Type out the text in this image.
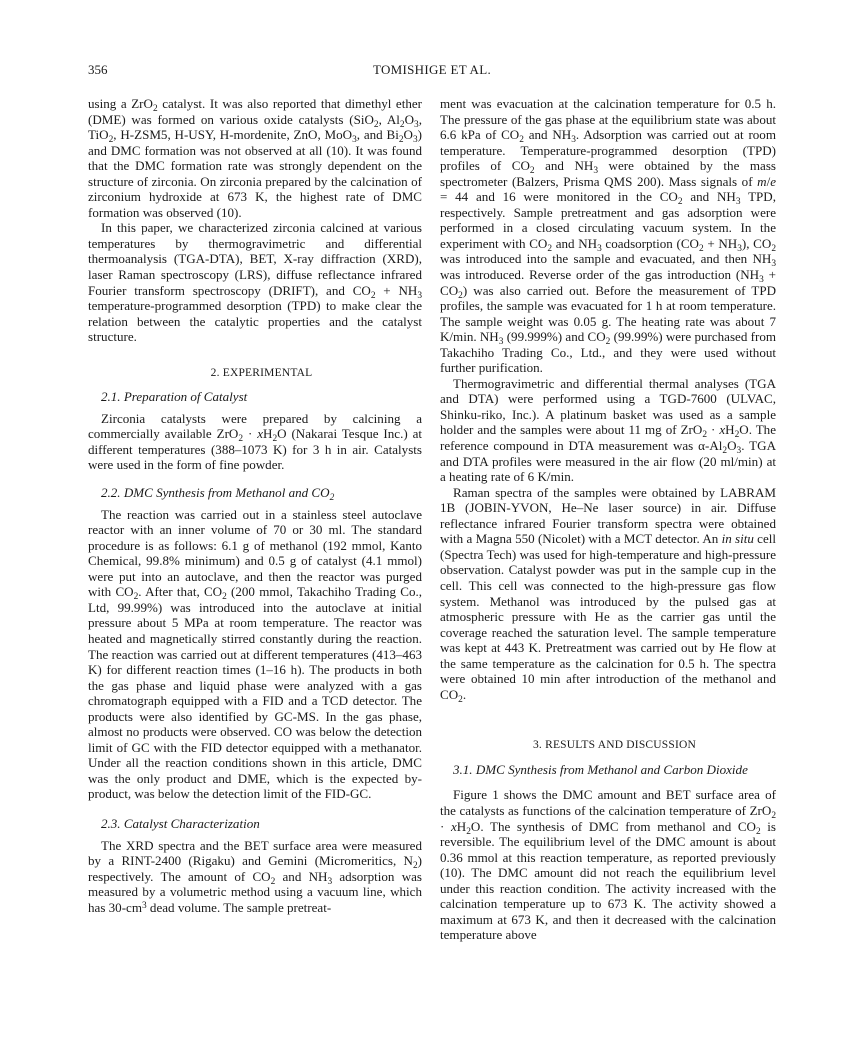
356	TOMISHIGE ET AL.

using a ZrO$_2$ catalyst. It was also reported that dimethyl ether (DME) was formed on various oxide catalysts (SiO$_2$, $Al_2O_3$, TiO$_2$, H-ZSM5, H-USY, H-mordenite, ZnO, MoO$_3$, and $Bi_2O_3$) and DMC formation was not observed at all (10). It was found that the DMC formation rate was strongly dependent on the structure of zirconia. On zirconia prepared by the calcination of zirconium hydroxide at 673 K, the highest rate of DMC formation was observed (10).

In this paper, we characterized zirconia calcined at various temperatures by thermogravimetric and differential thermoanalysis (TGA-DTA), BET, X-ray diffraction (XRD), laser Raman spectroscopy (LRS), diffuse reflectance infrared Fourier transform spectroscopy (DRIFT), and $CO_2 + NH_3$ temperature-programmed desorption (TPD) to make clear the relation between the catalytic properties and the catalyst structure.

2. EXPERIMENTAL

2.1. Preparation of Catalyst

Zirconia catalysts were prepared by calcining a commercially available $ZrO_2 \cdot xH_2O$ (Nakarai Tesque Inc.) at different temperatures (388–1073 K) for 3 h in air. Catalysts were used in the form of fine powder.

2.2. DMC Synthesis from Methanol and $CO_2$

The reaction was carried out in a stainless steel autoclave reactor with an inner volume of 70 or 30 ml. The standard procedure is as follows: 6.1 g of methanol (192 mmol, Kanto Chemical, 99.8% minimum) and 0.5 g of catalyst (4.1 mmol) were put into an autoclave, and then the reactor was purged with $CO_2$. After that, $CO_2$ (200 mmol, Takachiho Trading Co., Ltd, 99.99%) was introduced into the autoclave at initial pressure about 5 MPa at room temperature. The reactor was heated and magnetically stirred constantly during the reaction. The reaction was carried out at different temperatures (413–463 K) for different reaction times (1–16 h). The products in both the gas phase and liquid phase were analyzed with a gas chromatograph equipped with a FID and a TCD detector. The products were also identified by GC-MS. In the gas phase, almost no products were observed. CO was below the detection limit of GC with the FID detector equipped with a methanator. Under all the reaction conditions shown in this article, DMC was the only product and DME, which is the expected by-product, was below the detection limit of the FID-GC.

2.3. Catalyst Characterization

The XRD spectra and the BET surface area were measured by a RINT-2400 (Rigaku) and Gemini (Micromeritics, $N_2$) respectively. The amount of $CO_2$ and $NH_3$ adsorption was measured by a volumetric method using a vacuum line, which has $30-cm^3$ dead volume. The sample pretreat-

ment was evacuation at the calcination temperature for 0.5 h. The pressure of the gas phase at the equilibrium state was about 6.6 kPa of $CO_2$ and $NH_3$. Adsorption was carried out at room temperature. Temperature-programmed desorption (TPD) profiles of $CO_2$ and $NH_3$ were obtained by the mass spectrometer (Balzers, Prisma QMS 200). Mass signals of m/e = 44 and 16 were monitored in the $CO_2$ and $NH_3$ TPD, respectively. Sample pretreatment and gas adsorption were performed in a closed circulating vacuum system. In the experiment with $CO_2$ and $NH_3$ coadsorption $(CO_2 + NH_3)$, $CO_2$ was introduced into the sample and evacuated, and then $NH_3$ was introduced. Reverse order of the gas introduction $(NH_3 + CO_2)$ was also carried out. Before the measurement of TPD profiles, the sample was evacuated for 1 h at room temperature. The sample weight was 0.05 g. The heating rate was about 7 K/min. $NH_3$ (99.999%) and $CO_2$ (99.99%) were purchased from Takachiho Trading Co., Ltd., and they were used without further purification.

Thermogravimetric and differential thermal analyses (TGA and DTA) were performed using a TGD-7600 (ULVAC, Shinku-riko, Inc.). A platinum basket was used as a sample holder and the samples were about 11 mg of $ZrO_2 \cdot xH_2O$. The reference compound in DTA measurement was $\alpha-Al_2O_3$. TGA and DTA profiles were measured in the air flow (20 ml/min) at a heating rate of 6 K/min.

Raman spectra of the samples were obtained by LABRAM 1B (JOBIN-YVON, He–Ne laser source) in air. Diffuse reflectance infrared Fourier transform spectra were obtained with a Magna 550 (Nicolet) with a MCT detector. An in situ cell (Spectra Tech) was used for high-temperature and high-pressure observation. Catalyst powder was put in the sample cup in the cell. This cell was connected to the high-pressure gas flow system. Methanol was introduced by the pulsed gas at atmospheric pressure with He as the carrier gas until the coverage reached the saturation level. The sample temperature was kept at 443 K. Pretreatment was carried out by He flow at the same temperature as the calcination for 0.5 h. The spectra were obtained 10 min after introduction of the methanol and $CO_2$.

3. RESULTS AND DISCUSSION

3.1. DMC Synthesis from Methanol and Carbon Dioxide

Figure 1 shows the DMC amount and BET surface area of the catalysts as functions of the calcination temperature of $ZrO_2 \cdot xH_2O$. The synthesis of DMC from methanol and $CO_2$ is reversible. The equilibrium level of the DMC amount is about 0.36 mmol at this reaction temperature, as reported previously (10). The DMC amount did not reach the equilibrium level under this reaction condition. The activity increased with the calcination temperature up to 673 K. The activity showed a maximum at 673 K, and then it decreased with the calcination temperature above
